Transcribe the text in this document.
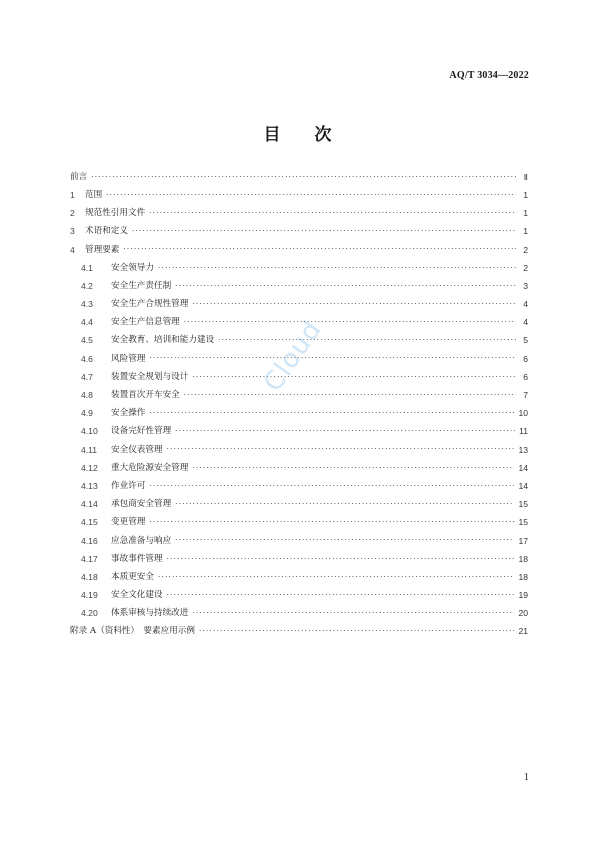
AQ/T 3034—2022
目　　次
前言 ·····	Ⅱ
1	范围 ·····	1
2	规范性引用文件 ·····	1
3	术语和定义 ·····	1
4	管理要素 ·····	2
4.1	安全领导力 ·····	2
4.2	安全生产责任制 ·····	3
4.3	安全生产合规性管理 ·····	4
4.4	安全生产信息管理 ·····	4
4.5	安全教育、培训和能力建设 ·····	5
4.6	风险管理 ·····	6
4.7	装置安全规划与设计 ·····	6
4.8	装置首次开车安全 ·····	7
4.9	安全操作 ·····	10
4.10	设备完好性管理 ·····	11
4.11	安全仪表管理 ·····	13
4.12	重大危险源安全管理 ·····	14
4.13	作业许可 ·····	14
4.14	承包商安全管理 ·····	15
4.15	变更管理 ·····	15
4.16	应急准备与响应 ·····	17
4.17	事故事件管理 ·····	18
4.18	本质更安全 ·····	18
4.19	安全文化建设 ·····	19
4.20	体系审核与持续改进 ·····	20
附录 A（资料性）　要素应用示例 ·····	21
Cloud
1
